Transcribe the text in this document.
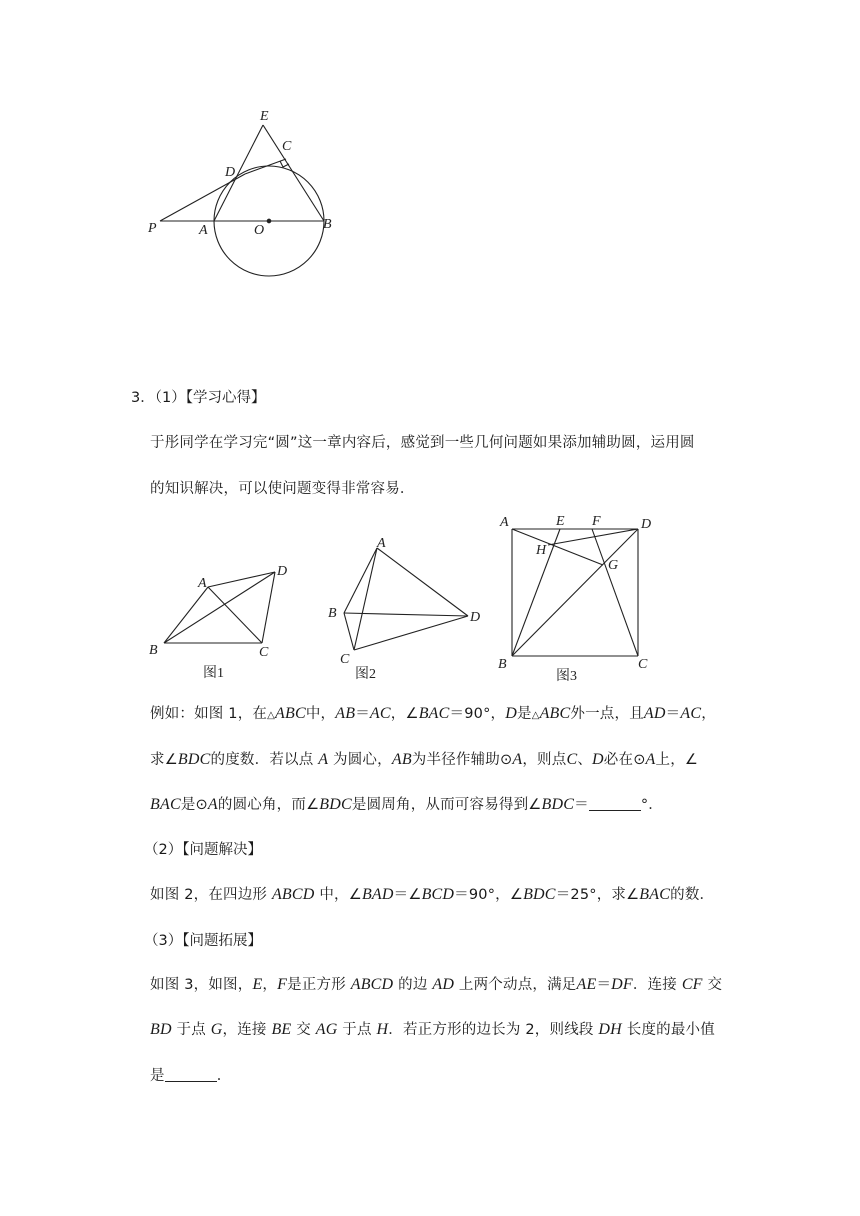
E
C
D
P	A	O	B
3．（1）【学习心得】
于彤同学在学习完“圆”这一章内容后，感觉到一些几何问题如果添加辅助圆，运用圆
的知识解决，可以使问题变得非常容易．
A
B	C
D
图1
A
B
C
D
图2
A	E F	D
H
G
B	C
图3
例如：如图 1，在△ABC中，AB＝AC，∠BAC＝90°，D是△ABC外一点，且AD＝AC，
求∠BDC的度数．若以点 A 为圆心，AB为半径作辅助⊙A，则点C、D必在⊙A上，∠
BAC是⊙A的圆心角，而∠BDC是圆周角，从而可容易得到∠BDC＝	°．
（2）【问题解决】
如图 2，在四边形 ABCD 中，∠BAD＝∠BCD＝90°，∠BDC＝25°，求∠BAC的数．
（3）【问题拓展】
如图 3，如图，E，F是正方形 ABCD 的边 AD 上两个动点，满足AE＝DF．连接 CF 交
BD 于点 G，连接 BE 交 AG 于点 H．若正方形的边长为 2，则线段 DH 长度的最小值
是	．
